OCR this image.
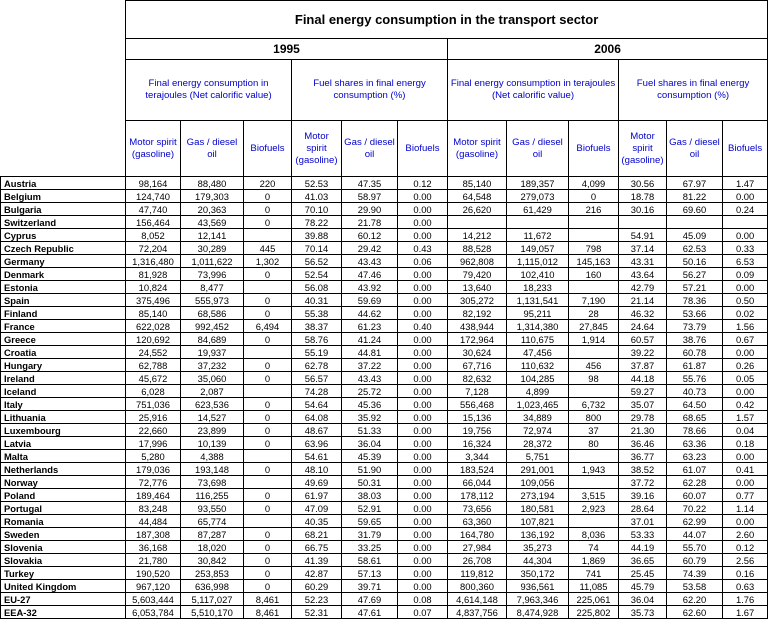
	Final energy consumption in the transport sector											
	1995						2006					
	Final energy consumption in terajoules (Net calorific value)			Fuel shares in final energy consumption (%)			Final energy consumption in terajoules (Net calorific value)			Fuel shares in final energy consumption (%)		
	Motor spirit (gasoline)	Gas / diesel oil	Biofuels	Motor spirit (gasoline)	Gas / diesel oil	Biofuels	Motor spirit (gasoline)	Gas / diesel oil	Biofuels	Motor spirit (gasoline)	Gas / diesel oil	Biofuels
Austria	98,164	88,480	220	52.53	47.35	0.12	85,140	189,357	4,099	30.56	67.97	1.47
Belgium	124,740	179,303	0	41.03	58.97	0.00	64,548	279,073	0	18.78	81.22	0.00
Bulgaria	47,740	20,363	0	70.10	29.90	0.00	26,620	61,429	216	30.16	69.60	0.24
Switzerland	156,464	43,569	0	78.22	21.78	0.00						
Cyprus	8,052	12,141		39.88	60.12	0.00	14,212	11,672		54.91	45.09	0.00
Czech Republic	72,204	30,289	445	70.14	29.42	0.43	88,528	149,057	798	37.14	62.53	0.33
Germany	1,316,480	1,011,622	1,302	56.52	43.43	0.06	962,808	1,115,012	145,163	43.31	50.16	6.53
Denmark	81,928	73,996	0	52.54	47.46	0.00	79,420	102,410	160	43.64	56.27	0.09
Estonia	10,824	8,477		56.08	43.92	0.00	13,640	18,233		42.79	57.21	0.00
Spain	375,496	555,973	0	40.31	59.69	0.00	305,272	1,131,541	7,190	21.14	78.36	0.50
Finland	85,140	68,586	0	55.38	44.62	0.00	82,192	95,211	28	46.32	53.66	0.02
France	622,028	992,452	6,494	38.37	61.23	0.40	438,944	1,314,380	27,845	24.64	73.79	1.56
Greece	120,692	84,689	0	58.76	41.24	0.00	172,964	110,675	1,914	60.57	38.76	0.67
Croatia	24,552	19,937		55.19	44.81	0.00	30,624	47,456		39.22	60.78	0.00
Hungary	62,788	37,232	0	62.78	37.22	0.00	67,716	110,632	456	37.87	61.87	0.26
Ireland	45,672	35,060	0	56.57	43.43	0.00	82,632	104,285	98	44.18	55.76	0.05
Iceland	6,028	2,087		74.28	25.72	0.00	7,128	4,899		59.27	40.73	0.00
Italy	751,036	623,536	0	54.64	45.36	0.00	556,468	1,023,465	6,732	35.07	64.50	0.42
Lithuania	25,916	14,527	0	64.08	35.92	0.00	15,136	34,889	800	29.78	68.65	1.57
Luxembourg	22,660	23,899	0	48.67	51.33	0.00	19,756	72,974	37	21.30	78.66	0.04
Latvia	17,996	10,139	0	63.96	36.04	0.00	16,324	28,372	80	36.46	63.36	0.18
Malta	5,280	4,388		54.61	45.39	0.00	3,344	5,751		36.77	63.23	0.00
Netherlands	179,036	193,148	0	48.10	51.90	0.00	183,524	291,001	1,943	38.52	61.07	0.41
Norway	72,776	73,698		49.69	50.31	0.00	66,044	109,056		37.72	62.28	0.00
Poland	189,464	116,255	0	61.97	38.03	0.00	178,112	273,194	3,515	39.16	60.07	0.77
Portugal	83,248	93,550	0	47.09	52.91	0.00	73,656	180,581	2,923	28.64	70.22	1.14
Romania	44,484	65,774		40.35	59.65	0.00	63,360	107,821		37.01	62.99	0.00
Sweden	187,308	87,287	0	68.21	31.79	0.00	164,780	136,192	8,036	53.33	44.07	2.60
Slovenia	36,168	18,020	0	66.75	33.25	0.00	27,984	35,273	74	44.19	55.70	0.12
Slovakia	21,780	30,842	0	41.39	58.61	0.00	26,708	44,304	1,869	36.65	60.79	2.56
Turkey	190,520	253,853	0	42.87	57.13	0.00	119,812	350,172	741	25.45	74.39	0.16
United Kingdom	967,120	636,998	0	60.29	39.71	0.00	800,360	936,561	11,085	45.79	53.58	0.63
EU-27	5,603,444	5,117,027	8,461	52.23	47.69	0.08	4,614,148	7,963,346	225,061	36.04	62.20	1.76
EEA-32	6,053,784	5,510,170	8,461	52.31	47.61	0.07	4,837,756	8,474,928	225,802	35.73	62.60	1.67
